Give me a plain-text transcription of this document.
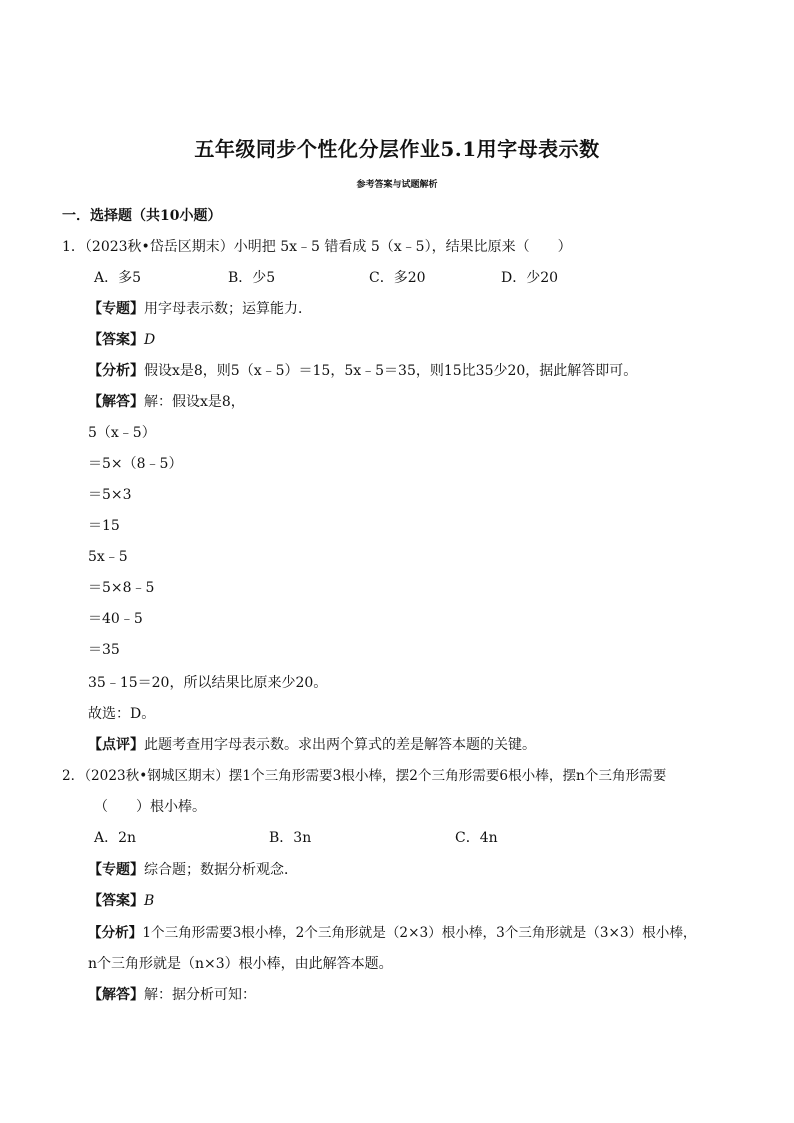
五年级同步个性化分层作业5.1用字母表示数
参考答案与试题解析
一．选择题（共10小题）
1．（2023秋•岱岳区期末）小明把 5x﹣5 错看成 5（x﹣5），结果比原来（　　）
A．多5	B．少5	C．多20	D．少20
【专题】用字母表示数；运算能力．
【答案】D
【分析】假设x是8，则5（x﹣5）＝15，5x﹣5＝35，则15比35少20，据此解答即可。
【解答】解：假设x是8，
5（x﹣5）
＝5×（8﹣5）
＝5×3
＝15
5x﹣5
＝5×8﹣5
＝40﹣5
＝35
35﹣15＝20，所以结果比原来少20。
故选：D。
【点评】此题考查用字母表示数。求出两个算式的差是解答本题的关键。
2．（2023秋•钢城区期末）摆1个三角形需要3根小棒，摆2个三角形需要6根小棒，摆n个三角形需要
（　　）根小棒。
A．2n	B．3n	C．4n
【专题】综合题；数据分析观念．
【答案】B
【分析】1个三角形需要3根小棒，2个三角形就是（2×3）根小棒，3个三角形就是（3×3）根小棒，
n个三角形就是（n×3）根小棒，由此解答本题。
【解答】解：据分析可知：
